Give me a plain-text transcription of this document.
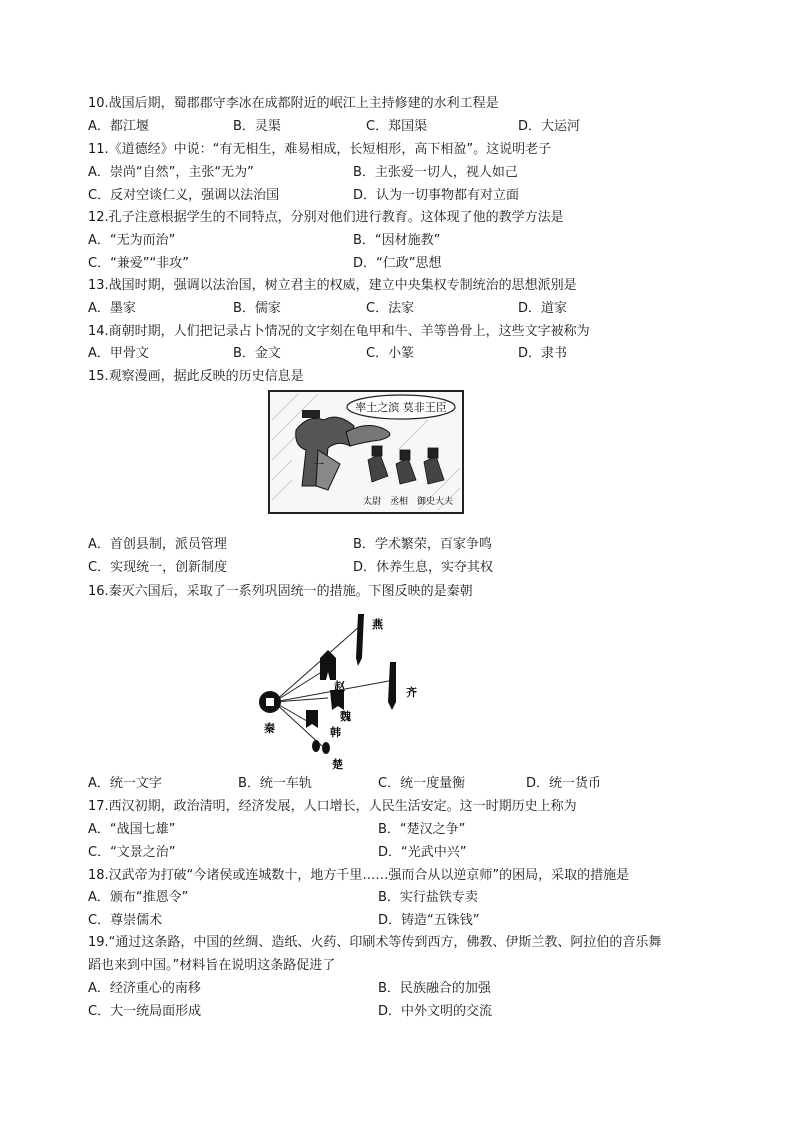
10.战国后期，蜀郡郡守李冰在成都附近的岷江上主持修建的水利工程是
A．都江堰	B．灵渠	C．郑国渠	D．大运河
11.《道德经》中说：“有无相生，难易相成，长短相形，高下相盈”。这说明老子
A．崇尚“自然”，主张“无为”	B．主张爱一切人，视人如己
C．反对空谈仁义，强调以法治国	D．认为一切事物都有对立面
12.孔子注意根据学生的不同特点，分别对他们进行教育。这体现了他的教学方法是
A．“无为而治”	B．“因材施教”
C．“兼爱”“非攻”	D．“仁政”思想
13.战国时期，强调以法治国，树立君主的权威，建立中央集权专制统治的思想派别是
A．墨家	B．儒家	C．法家	D．道家
14.商朝时期，人们把记录占卜情况的文字刻在龟甲和牛、羊等兽骨上，这些文字被称为
A．甲骨文	B．金文	C．小篆	D．隶书
15.观察漫画，据此反映的历史信息是
率土之滨 莫非王臣
一
太尉　丞相　御史大夫
A．首创县制，派员管理	B．学术繁荣，百家争鸣
C．实现统一，创新制度	D．休养生息，实夺其权
16.秦灭六国后，采取了一系列巩固统一的措施。下图反映的是秦朝
燕
赵	齐
秦
魏
韩
楚
A．统一文字	B．统一车轨	C．统一度量衡	D．统一货币
17.西汉初期，政治清明，经济发展，人口增长，人民生活安定。这一时期历史上称为
A．“战国七雄”	B．“楚汉之争”
C．“文景之治”	D．“光武中兴”
18.汉武帝为打破“今诸侯或连城数十，地方千里……强而合从以逆京师”的困局，采取的措施是
A．颁布“推恩令”	B．实行盐铁专卖
C．尊崇儒术	D．铸造“五铢钱”
19.“通过这条路，中国的丝绸、造纸、火药、印刷术等传到西方，佛教、伊斯兰教、阿拉伯的音乐舞
蹈也来到中国。”材料旨在说明这条路促进了
A．经济重心的南移	B．民族融合的加强
C．大一统局面形成	D．中外文明的交流
